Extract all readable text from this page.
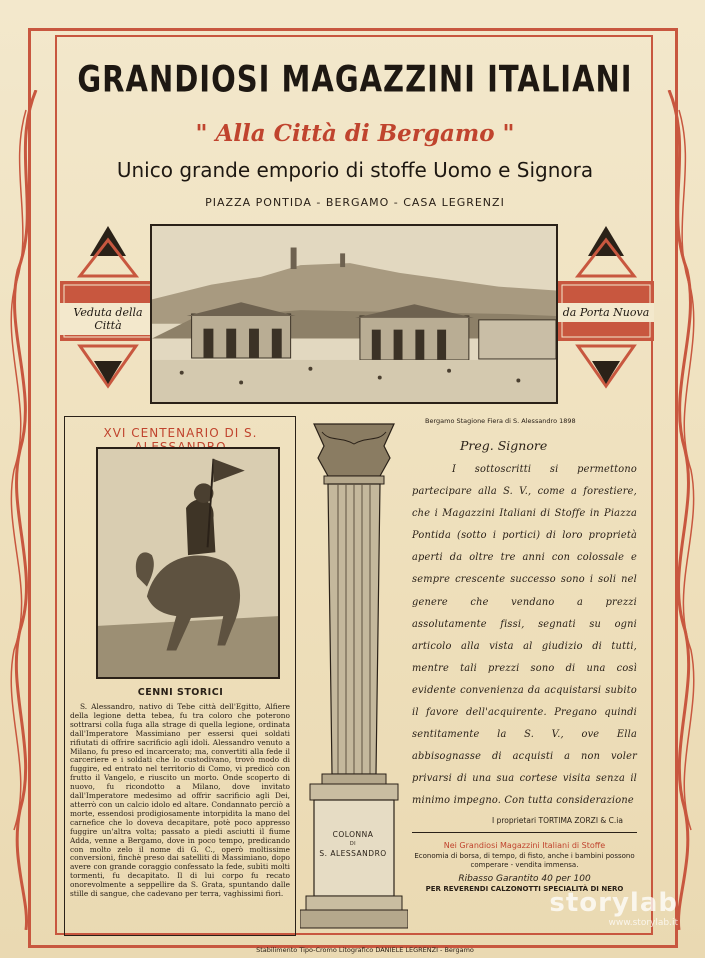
GRANDIOSI MAGAZZINI ITALIANI
" Alla Città di Bergamo "
Unico grande emporio di stoffe Uomo e Signora
PIAZZA PONTIDA - BERGAMO - CASA LEGRENZI
Veduta della Città
da Porta Nuova
Bergamo Stagione Fiera di S. Alessandro 1898
XVI CENTENARIO DI S.
CENNI STORICI
S. Alessandro, nativo di Tebe città dell'Egitto, Alfiere della legione detta tebea, fu tra coloro che poterono sottrarsi colla fuga alla strage di quella legione, ordinata dall'Imperatore Massimiano per essersi quei soldati rifiutati di offrire sacrificio agli idoli. Alessandro venuto a Milano, fu preso ed incarcerato; ma, convertiti alla fede il carceriere e i soldati che lo custodivano, trovò modo di fuggire, ed entrato nel territorio di Como, vi predicò con frutto il Vangelo, e riuscito un morto. Onde scoperto di nuovo, fu ricondotto a Milano, dove invitato dall'Imperatore medesimo ad offrir sacrificio agli Dei, atterrò con un calcio idolo ed altare. Condannato perciò a morte, essendosi prodigiosamente intorpidita la mano del carnefice che lo doveva decapitare, potè poco appresso fuggire un'altra volta; passato a piedi asciutti il fiume Adda, venne a Bergamo, dove in poco tempo, predicando con molto zelo il nome di G. C., operò moltissime conversioni, finchè preso dai satelliti di Massimiano, dopo avere con grande coraggio confessato la fede, subìti molti tormenti, fu decapitato. Il di lui corpo fu recato onorevolmente a seppellire da S. Grata, spuntando dalle stille di sangue, che cadevano per terra, vaghissimi fiori.
COLONNA
DI
S. ALESSANDRO
Preg. Signore
I sottoscritti si permettono partecipare alla S. V., come a forestiere, che i Magazzini Italiani di Stoffe in Piazza Pontida (sotto i portici) di loro proprietà aperti da oltre tre anni con colossale e sempre crescente successo sono i soli nel genere che vendano a prezzi assolutamente fissi, segnati su ogni articolo alla vista al giudizio di tutti, mentre tali prezzi sono di una così evidente convenienza da acquistarsi subito il favore dell'acquirente. Pregano quindi sentitamente la S. V., ove Ella abbisognasse di acquisti a non voler privarsi di una sua cortese visita senza il minimo impegno. Con tutta considerazione
I proprietari TORTIMA ZORZI & C.ia
Nei Grandiosi Magazzini Italiani di Stoffe
Economia di borsa, di tempo, di fisto, anche i bambini possono comperare - vendita immensa.
Ribasso Garantito 40 per 100
PER REVERENDI CALZONOTTI SPECIALITÀ DI NERO
Stabilimento Tipo-Cromo Litografico DANIELE LEGRENZI - Bergamo
storylab
www.storylab.it
